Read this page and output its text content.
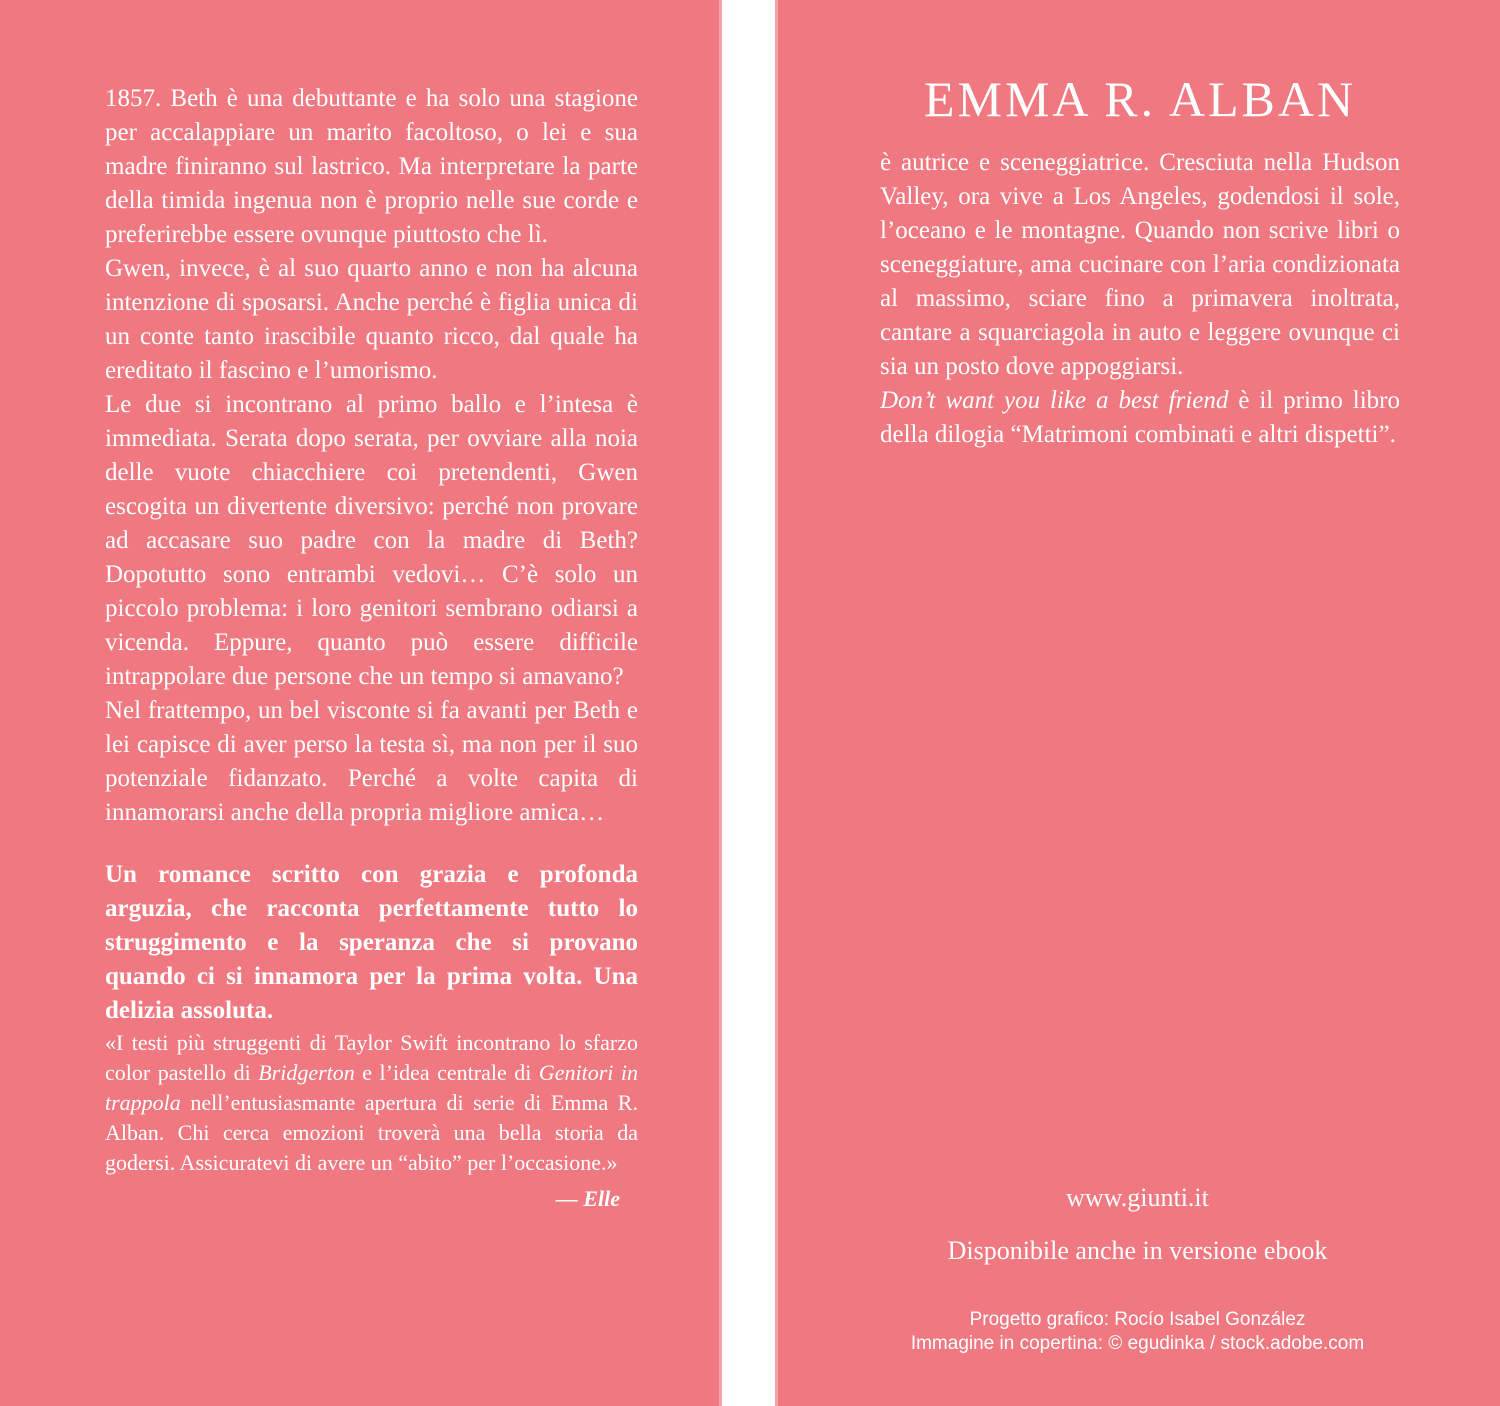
1857. Beth è una debuttante e ha solo una stagione per accalappiare un marito facoltoso, o lei e sua madre finiranno sul lastrico. Ma interpretare la parte della timida ingenua non è proprio nelle sue corde e preferirebbe essere ovunque piuttosto che lì.

Gwen, invece, è al suo quarto anno e non ha alcuna intenzione di sposarsi. Anche perché è figlia unica di un conte tanto irascibile quanto ricco, dal quale ha ereditato il fascino e l’umorismo.

Le due si incontrano al primo ballo e l’intesa è immediata. Serata dopo serata, per ovviare alla noia delle vuote chiacchiere coi pretendenti, Gwen escogita un divertente diversivo: perché non provare ad accasare suo padre con la madre di Beth? Dopotutto sono entrambi vedovi… C’è solo un piccolo problema: i loro genitori sembrano odiarsi a vicenda. Eppure, quanto può essere difficile intrappolare due persone che un tempo si amavano?

Nel frattempo, un bel visconte si fa avanti per Beth e lei capisce di aver perso la testa sì, ma non per il suo potenziale fidanzato. Perché a volte capita di innamorarsi anche della propria migliore amica…

Un romance scritto con grazia e profonda arguzia, che racconta perfettamente tutto lo struggimento e la speranza che si provano quando ci si innamora per la prima volta. Una delizia assoluta.

«I testi più struggenti di Taylor Swift incontrano lo sfarzo color pastello di Bridgerton e l’idea centrale di Genitori in trappola nell’entusiasmante apertura di serie di Emma R. Alban. Chi cerca emozioni troverà una bella storia da godersi. Assicuratevi di avere un “abito” per l’occasione.»

— Elle

EMMA R. ALBAN

è autrice e sceneggiatrice. Cresciuta nella Hudson Valley, ora vive a Los Angeles, godendosi il sole, l’oceano e le montagne. Quando non scrive libri o sceneggiature, ama cucinare con l’aria condizionata al massimo, sciare fino a primavera inoltrata, cantare a squarciagola in auto e leggere ovunque ci sia un posto dove appoggiarsi.

Don’t want you like a best friend è il primo libro della dilogia “Matrimoni combinati e altri dispetti”.

www.giunti.it
Disponibile anche in versione ebook
Progetto grafico: Rocío Isabel González
Immagine in copertina: © egudinka / stock.adobe.com
